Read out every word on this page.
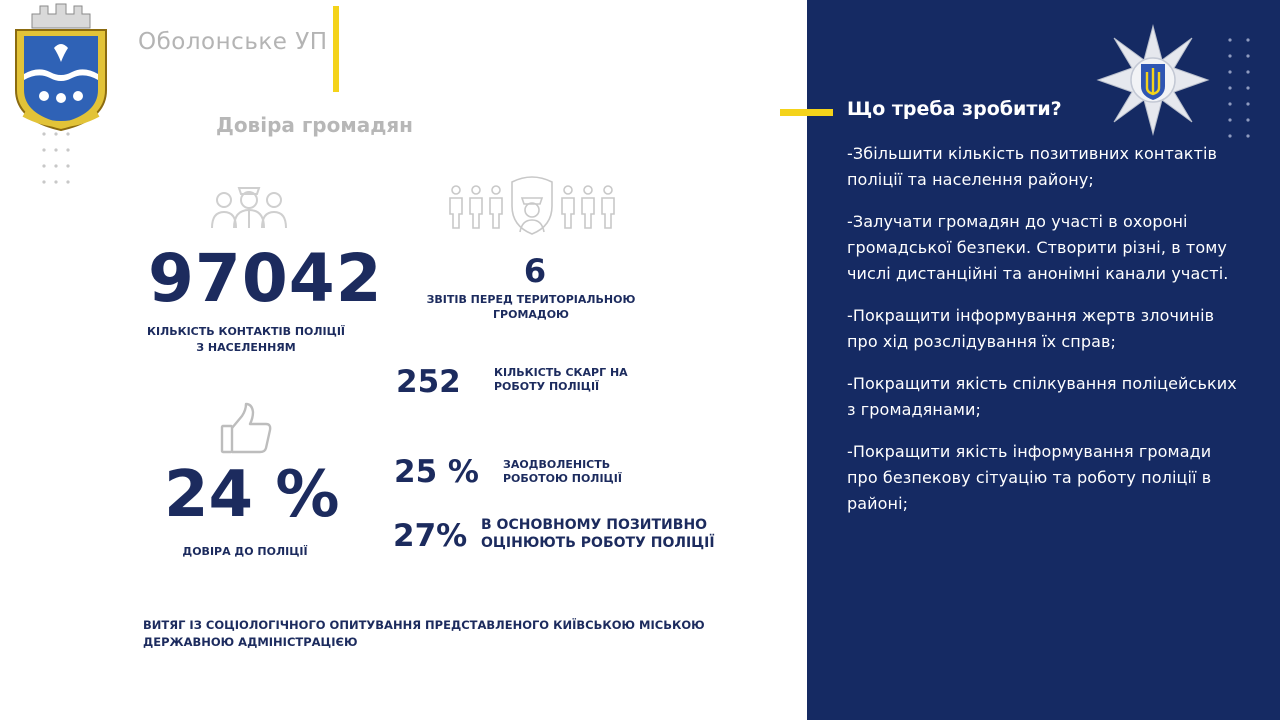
Оболонське УП
Довіра громадян
97042
КІЛЬКІСТЬ КОНТАКТІВ ПОЛІЦІЇ З НАСЕЛЕННЯМ
6
ЗВІТІВ ПЕРЕД ТЕРИТОРІАЛЬНОЮ ГРОМАДОЮ
252	КІЛЬКІСТЬ СКАРГ НА РОБОТУ ПОЛІЦІЇ
24 %
ДОВІРА ДО ПОЛІЦІЇ
25 % ЗАОДВОЛЕНІСТЬ РОБОТОЮ ПОЛІЦІЇ
27% В ОСНОВНОМУ ПОЗИТИВНО ОЦІНЮЮТЬ РОБОТУ ПОЛІЦІЇ
ВИТЯГ ІЗ СОЦІОЛОГІЧНОГО ОПИТУВАННЯ ПРЕДСТАВЛЕНОГО КИЇВСЬКОЮ МІСЬКОЮ ДЕРЖАВНОЮ АДМІНІСТРАЦІЄЮ
Що треба зробити?
-Збільшити кількість позитивних контактів поліції та населення району;
-Залучати громадян до участі в охороні громадської безпеки. Створити різні, в тому числі дистанційні та анонімні канали участі.
-Покращити інформування жертв злочинів про хід розслідування їх справ;
-Покращити якість спілкування поліцейських з громадянами;
-Покращити якість інформування громади про безпекову сітуацію та роботу поліції в районі;
